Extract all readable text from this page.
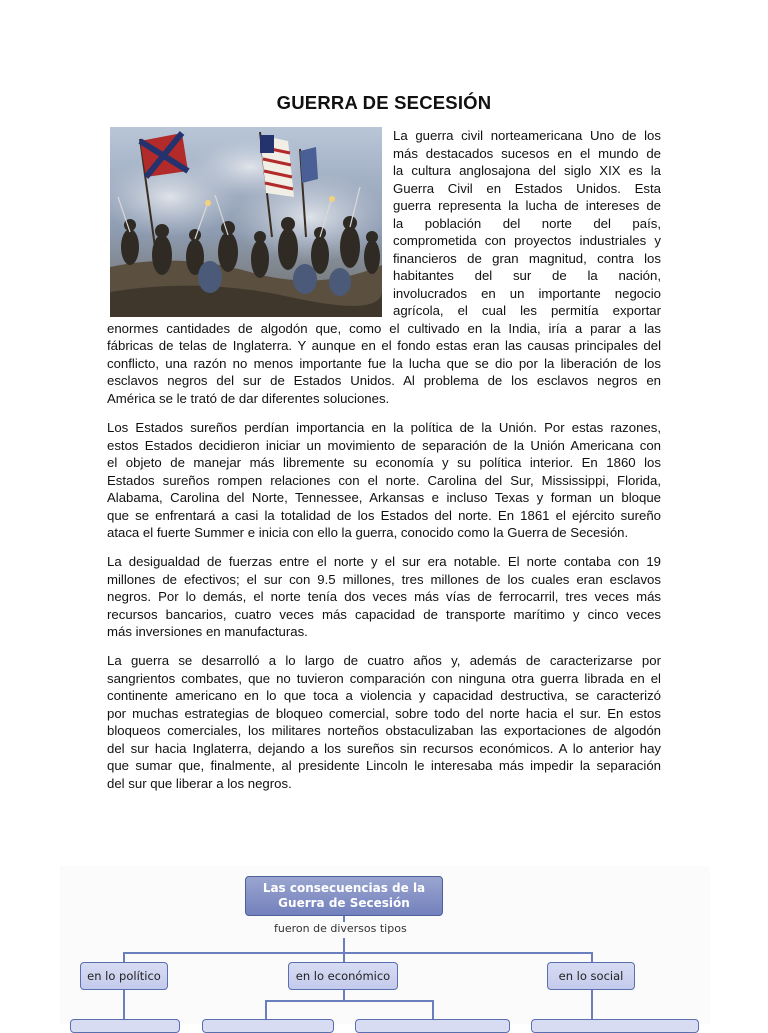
GUERRA DE SECESIÓN
La guerra civil norteamericana Uno de los
más destacados sucesos en el mundo de
la cultura anglosajona del siglo XIX es la
Guerra Civil en Estados Unidos. Esta
guerra representa la lucha de intereses de
la población del norte del país,
comprometida con proyectos industriales y
financieros de gran magnitud, contra los
habitantes del sur de la nación,
involucrados en un importante negocio
agrícola, el cual les permitía exportar
enormes cantidades de algodón que, como el cultivado en la India, iría a parar a las
fábricas de telas de Inglaterra. Y aunque en el fondo estas eran las causas principales del
conflicto, una razón no menos importante fue la lucha que se dio por la liberación de los
esclavos negros del sur de Estados Unidos. Al problema de los esclavos negros en
América se le trató de dar diferentes soluciones.
Los Estados sureños perdían importancia en la política de la Unión. Por estas razones,
estos Estados decidieron iniciar un movimiento de separación de la Unión Americana con
el objeto de manejar más libremente su economía y su política interior. En 1860 los
Estados sureños rompen relaciones con el norte. Carolina del Sur, Mississippi, Florida,
Alabama, Carolina del Norte, Tennessee, Arkansas e incluso Texas y forman un bloque
que se enfrentará a casi la totalidad de los Estados del norte. En 1861 el ejército sureño
ataca el fuerte Summer e inicia con ello la guerra, conocido como la Guerra de Secesión.
La desigualdad de fuerzas entre el norte y el sur era notable. El norte contaba con 19
millones de efectivos; el sur con 9.5 millones, tres millones de los cuales eran esclavos
negros. Por lo demás, el norte tenía dos veces más vías de ferrocarril, tres veces más
recursos bancarios, cuatro veces más capacidad de transporte marítimo y cinco veces
más inversiones en manufacturas.
La guerra se desarrolló a lo largo de cuatro años y, además de caracterizarse por
sangrientos combates, que no tuvieron comparación con ninguna otra guerra librada en el
continente americano en lo que toca a violencia y capacidad destructiva, se caracterizó
por muchas estrategias de bloqueo comercial, sobre todo del norte hacia el sur. En estos
bloqueos comerciales, los militares norteños obstaculizaban las exportaciones de algodón
del sur hacia Inglaterra, dejando a los sureños sin recursos económicos. A lo anterior hay
que sumar que, finalmente, al presidente Lincoln le interesaba más impedir la separación
del sur que liberar a los negros.
Las consecuencias de la
Guerra de Secesión
fueron de diversos tipos
en lo político	en lo económico	en lo social
